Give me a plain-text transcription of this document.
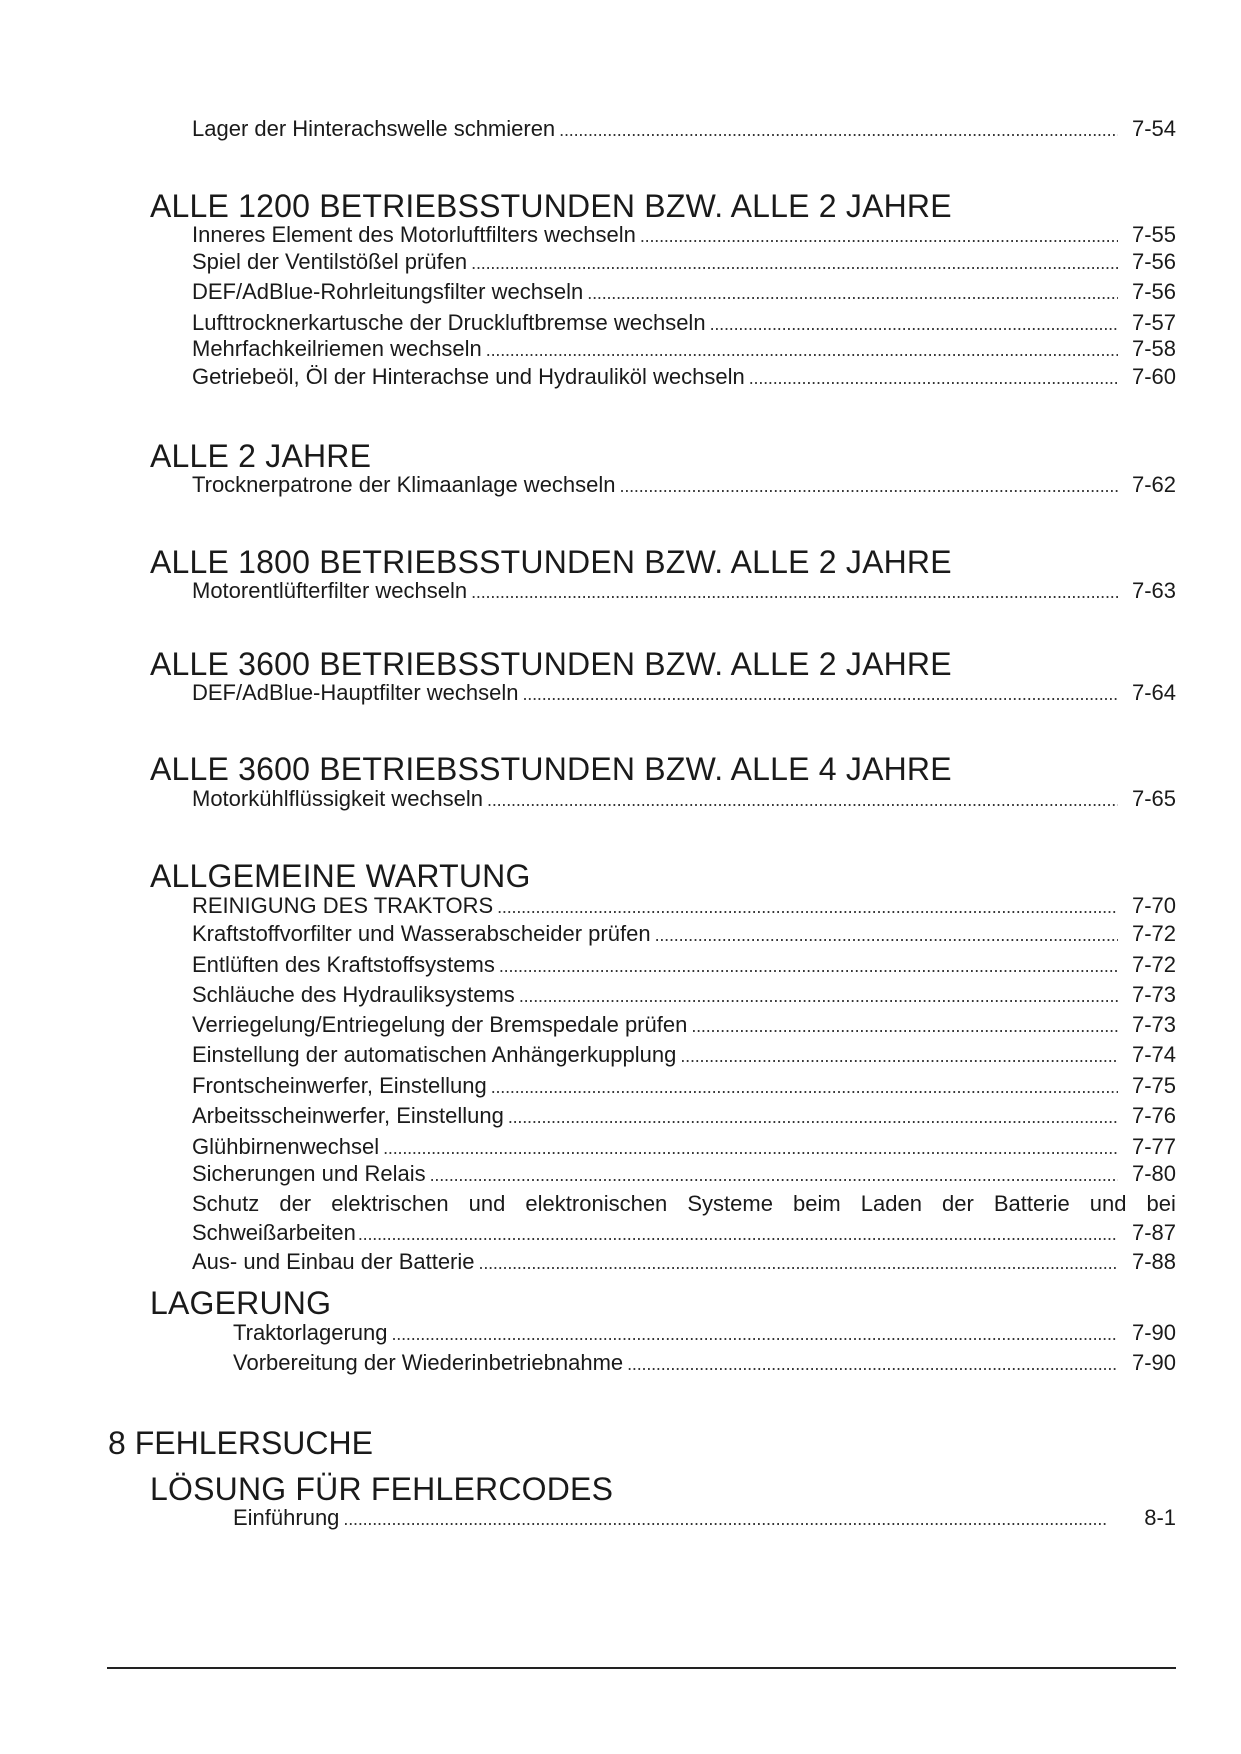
Lager der Hinterachswelle schmieren . . .	7-54
ALLE 1200 BETRIEBSSTUNDEN BZW. ALLE 2 JAHRE
Inneres Element des Motorluftfilters wechseln . . .	7-55
Spiel der Ventilstößel prüfen . . .	7-56
DEF/AdBlue-Rohrleitungsfilter wechseln . . .	7-56
Lufttrocknerkartusche der Druckluftbremse wechseln . . .	7-57
Mehrfachkeilriemen wechseln . . .	7-58
Getriebeöl, Öl der Hinterachse und Hydrauliköl wechseln . . .	7-60
ALLE 2 JAHRE
Trocknerpatrone der Klimaanlage wechseln . . .	7-62
ALLE 1800 BETRIEBSSTUNDEN BZW. ALLE 2 JAHRE
Motorentlüfterfilter wechseln . . .	7-63
ALLE 3600 BETRIEBSSTUNDEN BZW. ALLE 2 JAHRE
DEF/AdBlue-Hauptfilter wechseln . . .	7-64
ALLE 3600 BETRIEBSSTUNDEN BZW. ALLE 4 JAHRE
Motorkühlflüssigkeit wechseln . . .	7-65
ALLGEMEINE WARTUNG
REINIGUNG DES TRAKTORS . . .	7-70
Kraftstoffvorfilter und Wasserabscheider prüfen . . .	7-72
Entlüften des Kraftstoffsystems . . .	7-72
Schläuche des Hydrauliksystems . . .	7-73
Verriegelung/Entriegelung der Bremspedale prüfen . . .	7-73
Einstellung der automatischen Anhängerkupplung . . .	7-74
Frontscheinwerfer, Einstellung . . .	7-75
Arbeitsscheinwerfer, Einstellung . . .	7-76
Glühbirnenwechsel . . .	7-77
Sicherungen und Relais . . .	7-80
Schutz der elektrischen und elektronischen Systeme beim Laden der Batterie und bei
Schweißarbeiten . . .	7-87
Aus- und Einbau der Batterie . . .	7-88
LAGERUNG
Traktorlagerung . . .	7-90
Vorbereitung der Wiederinbetriebnahme . . .	7-90
8 FEHLERSUCHE
LÖSUNG FÜR FEHLERCODES
Einführung . . .	8-1
